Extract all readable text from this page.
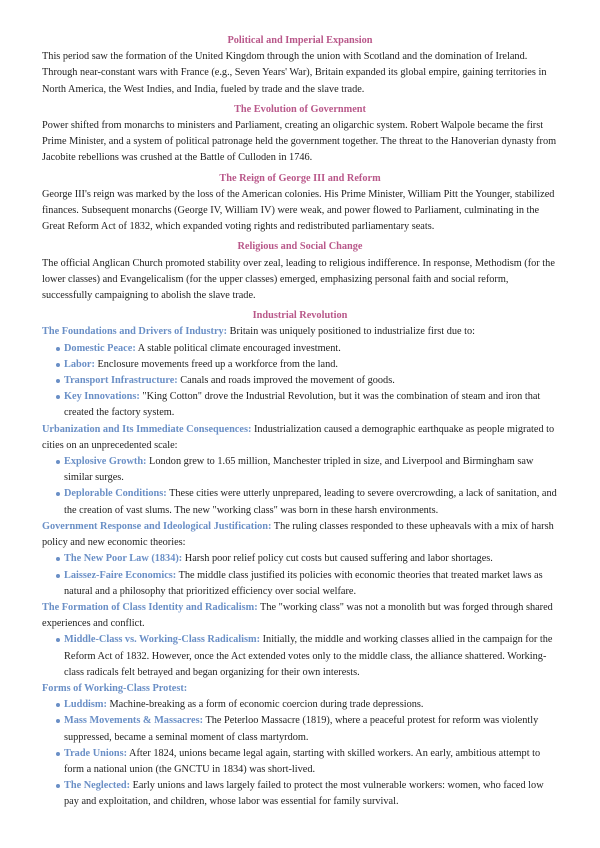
Political and Imperial Expansion

This period saw the formation of the United Kingdom through the union with Scotland and the domination of Ireland. Through near-constant wars with France (e.g., Seven Years' War), Britain expanded its global empire, gaining territories in North America, the West Indies, and India, fueled by trade and the slave trade.

The Evolution of Government

Power shifted from monarchs to ministers and Parliament, creating an oligarchic system. Robert Walpole became the first Prime Minister, and a system of political patronage held the government together. The threat to the Hanoverian dynasty from Jacobite rebellions was crushed at the Battle of Culloden in 1746.

The Reign of George III and Reform

George III's reign was marked by the loss of the American colonies. His Prime Minister, William Pitt the Younger, stabilized finances. Subsequent monarchs (George IV, William IV) were weak, and power flowed to Parliament, culminating in the Great Reform Act of 1832, which expanded voting rights and redistributed parliamentary seats.

Religious and Social Change

The official Anglican Church promoted stability over zeal, leading to religious indifference. In response, Methodism (for the lower classes) and Evangelicalism (for the upper classes) emerged, emphasizing personal faith and social reform, successfully campaigning to abolish the slave trade.

Industrial Revolution

The Foundations and Drivers of Industry: Britain was uniquely positioned to industrialize first due to:

Domestic Peace: A stable political climate encouraged investment.
Labor: Enclosure movements freed up a workforce from the land.
Transport Infrastructure: Canals and roads improved the movement of goods.
Key Innovations: "King Cotton" drove the Industrial Revolution, but it was the combination of steam and iron that created the factory system.

Urbanization and Its Immediate Consequences: Industrialization caused a demographic earthquake as people migrated to cities on an unprecedented scale:

Explosive Growth: London grew to 1.65 million, Manchester tripled in size, and Liverpool and Birmingham saw similar surges.
Deplorable Conditions: These cities were utterly unprepared, leading to severe overcrowding, a lack of sanitation, and the creation of vast slums. The new "working class" was born in these harsh environments.

Government Response and Ideological Justification: The ruling classes responded to these upheavals with a mix of harsh policy and new economic theories:

The New Poor Law (1834): Harsh poor relief policy cut costs but caused suffering and labor shortages.
Laissez-Faire Economics: The middle class justified its policies with economic theories that treated market laws as natural and a philosophy that prioritized efficiency over social welfare.

The Formation of Class Identity and Radicalism: The "working class" was not a monolith but was forged through shared experiences and conflict.

Middle-Class vs. Working-Class Radicalism: Initially, the middle and working classes allied in the campaign for the Reform Act of 1832. However, once the Act extended votes only to the middle class, the alliance shattered. Working-class radicals felt betrayed and began organizing for their own interests.

Forms of Working-Class Protest:

Luddism: Machine-breaking as a form of economic coercion during trade depressions.
Mass Movements & Massacres: The Peterloo Massacre (1819), where a peaceful protest for reform was violently suppressed, became a seminal moment of class martyrdom.
Trade Unions: After 1824, unions became legal again, starting with skilled workers. An early, ambitious attempt to form a national union (the GNCTU in 1834) was short-lived.
The Neglected: Early unions and laws largely failed to protect the most vulnerable workers: women, who faced low pay and exploitation, and children, whose labor was essential for family survival.
